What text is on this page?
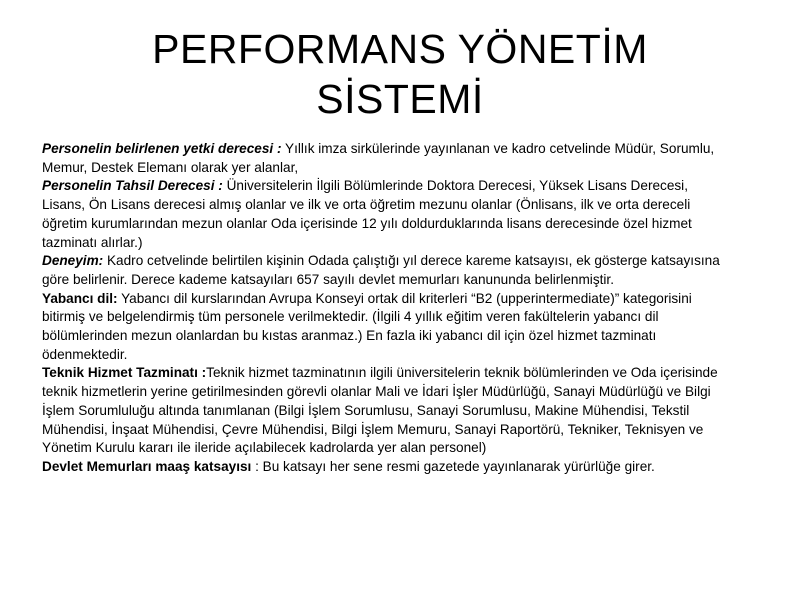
PERFORMANS YÖNETİM
SİSTEMİ

Personelin belirlenen yetki derecesi : Yıllık imza sirkülerinde yayınlanan ve kadro cetvelinde Müdür, Sorumlu, Memur, Destek Elemanı olarak yer alanlar,

Personelin Tahsil Derecesi : Üniversitelerin İlgili Bölümlerinde Doktora Derecesi, Yüksek Lisans Derecesi, Lisans, Ön Lisans derecesi almış olanlar ve ilk ve orta öğretim mezunu olanlar (Önlisans, ilk ve orta dereceli öğretim kurumlarından mezun olanlar Oda içerisinde 12 yılı doldurduklarında lisans derecesinde özel hizmet tazminatı alırlar.)

Deneyim: Kadro cetvelinde belirtilen kişinin Odada çalıştığı yıl derece kareme katsayısı, ek gösterge katsayısına göre belirlenir. Derece kademe katsayıları 657 sayılı devlet memurları kanununda belirlenmiştir.

Yabancı dil: Yabancı dil kurslarından Avrupa Konseyi ortak dil kriterleri “B2 (upperintermediate)” kategorisini bitirmiş ve belgelendirmiş tüm personele verilmektedir. (İlgili 4 yıllık eğitim veren fakültelerin yabancı dil bölümlerinden mezun olanlardan bu kıstas aranmaz.) En fazla iki yabancı dil için özel hizmet tazminatı ödenmektedir.

Teknik Hizmet Tazminatı :Teknik hizmet tazminatının ilgili üniversitelerin teknik bölümlerinden ve Oda içerisinde teknik hizmetlerin yerine getirilmesinden görevli olanlar Mali ve İdari İşler Müdürlüğü, Sanayi Müdürlüğü ve Bilgi İşlem Sorumluluğu altında tanımlanan (Bilgi İşlem Sorumlusu, Sanayi Sorumlusu, Makine Mühendisi, Tekstil Mühendisi, İnşaat Mühendisi, Çevre Mühendisi, Bilgi İşlem Memuru, Sanayi Raportörü, Tekniker, Teknisyen ve Yönetim Kurulu kararı ile ileride açılabilecek kadrolarda yer alan personel)

Devlet Memurları maaş katsayısı : Bu katsayı her sene resmi gazetede yayınlanarak yürürlüğe girer.
